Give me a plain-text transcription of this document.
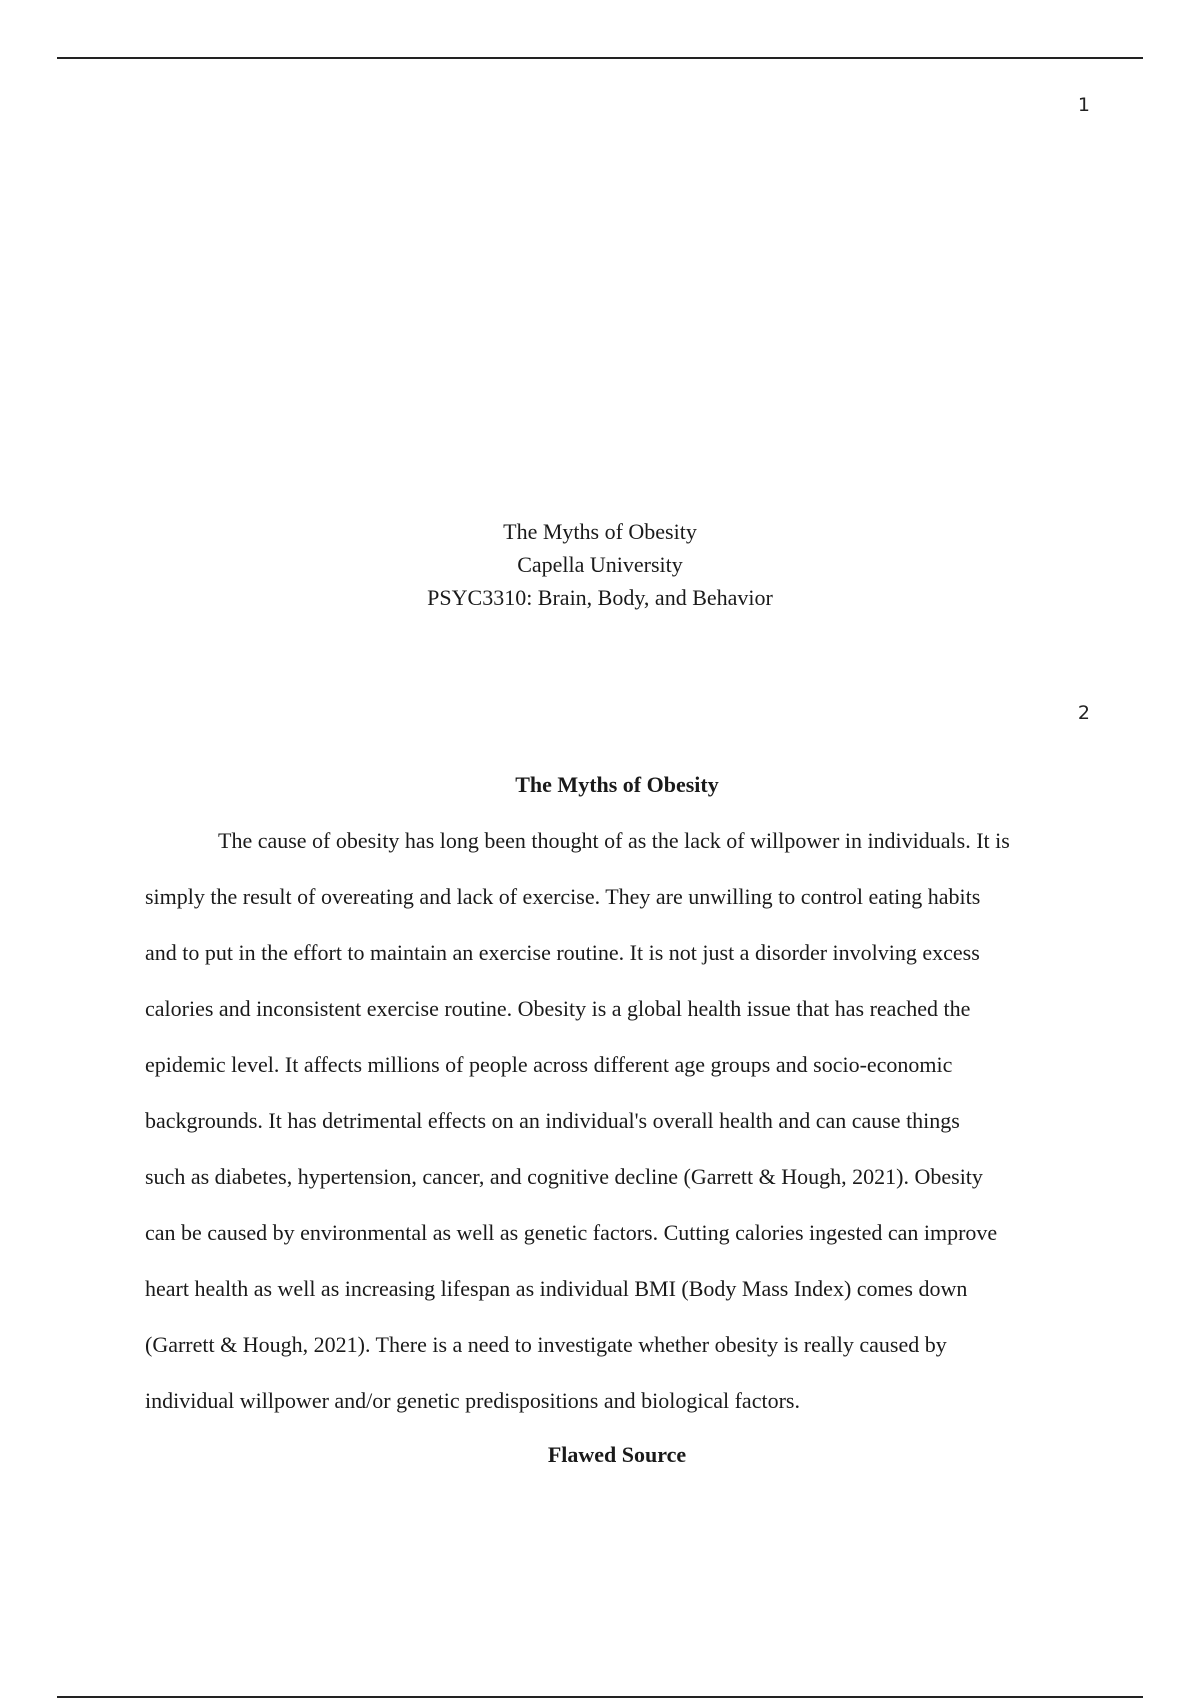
1
The Myths of Obesity
Capella University
PSYC3310: Brain, Body, and Behavior
2
The Myths of Obesity
The cause of obesity has long been thought of as the lack of willpower in individuals. It is
simply the result of overeating and lack of exercise. They are unwilling to control eating habits
and to put in the effort to maintain an exercise routine. It is not just a disorder involving excess
calories and inconsistent exercise routine. Obesity is a global health issue that has reached the
epidemic level. It affects millions of people across different age groups and socio-economic
backgrounds. It has detrimental effects on an individual's overall health and can cause things
such as diabetes, hypertension, cancer, and cognitive decline (Garrett & Hough, 2021). Obesity
can be caused by environmental as well as genetic factors. Cutting calories ingested can improve
heart health as well as increasing lifespan as individual BMI (Body Mass Index) comes down
(Garrett & Hough, 2021). There is a need to investigate whether obesity is really caused by
individual willpower and/or genetic predispositions and biological factors.
Flawed Source
